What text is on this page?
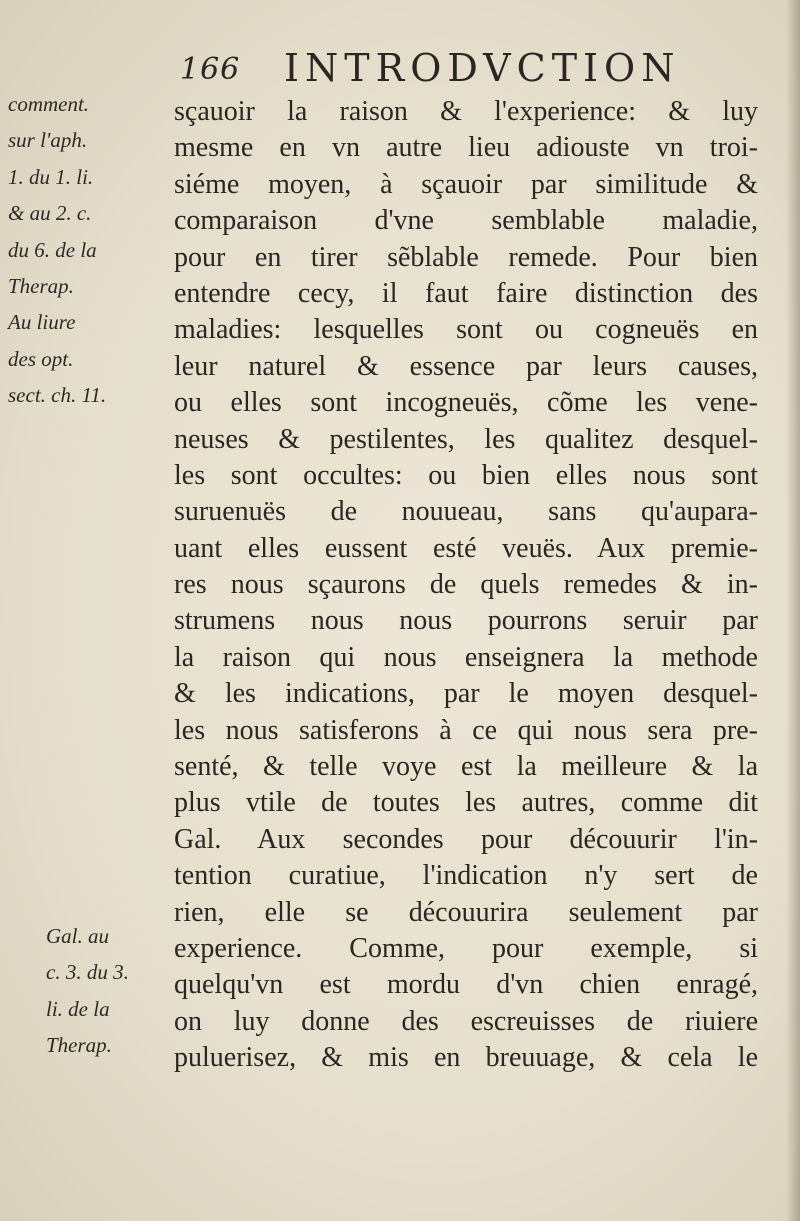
166 INTRODVCTION
comment.
sur l'aph.
1. du 1. li.
& au 2. c.
du 6. de la
Therap.
Au liure
des opt.
sect. ch. 11.
Gal. au
c. 3. du 3.
li. de la
Therap.
sçauoir la raison & l'experience: & luy
mesme en vn autre lieu adiouste vn troi-
siéme moyen, à sçauoir par similitude &
comparaison d'vne semblable maladie,
pour en tirer sẽblable remede. Pour bien
entendre cecy, il faut faire distinction des
maladies: lesquelles sont ou cogneuës en
leur naturel & essence par leurs causes,
ou elles sont incogneuës, cõme les vene-
neuses & pestilentes, les qualitez desquel-
les sont occultes: ou bien elles nous sont
suruenuës de nouueau, sans qu'aupara-
uant elles eussent esté veuës. Aux premie-
res nous sçaurons de quels remedes & in-
strumens nous nous pourrons seruir par
la raison qui nous enseignera la methode
& les indications, par le moyen desquel-
les nous satisferons à ce qui nous sera pre-
senté, & telle voye est la meilleure & la
plus vtile de toutes les autres, comme dit
Gal. Aux secondes pour découurir l'in-
tention curatiue, l'indication n'y sert de
rien, elle se découurira seulement par
experience. Comme, pour exemple, si
quelqu'vn est mordu d'vn chien enragé,
on luy donne des escreuisses de riuiere
puluerisez, & mis en breuuage, & cela le
